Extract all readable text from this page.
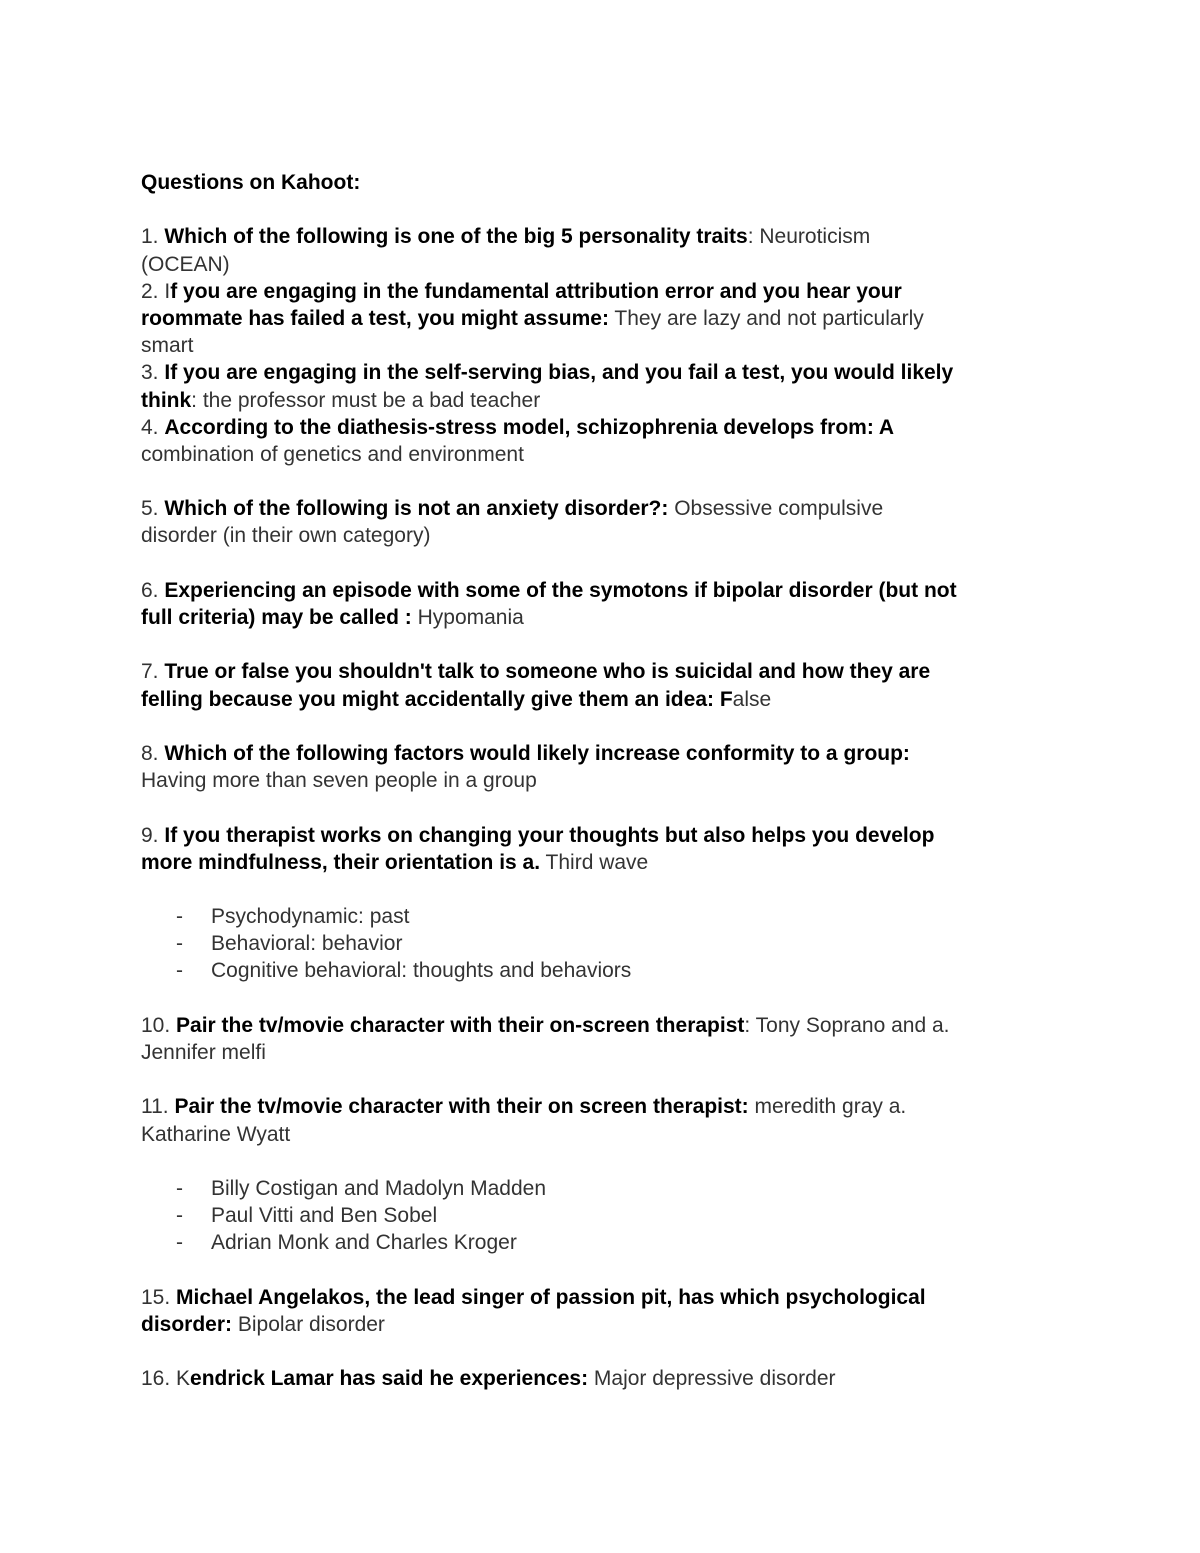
Questions on Kahoot:
1. Which of the following is one of the big 5 personality traits: Neuroticism
(OCEAN)
2. If you are engaging in the fundamental attribution error and you hear your
roommate has failed a test, you might assume: They are lazy and not particularly
smart
3. If you are engaging in the self-serving bias, and you fail a test, you would likely
think: the professor must be a bad teacher
4. According to the diathesis-stress model, schizophrenia develops from: A
combination of genetics and environment
5. Which of the following is not an anxiety disorder?: Obsessive compulsive
disorder (in their own category)
6. Experiencing an episode with some of the symotons if bipolar disorder (but not
full criteria) may be called : Hypomania
7. True or false you shouldn't talk to someone who is suicidal and how they are
felling because you might accidentally give them an idea: False
8. Which of the following factors would likely increase conformity to a group:
Having more than seven people in a group
9. If you therapist works on changing your thoughts but also helps you develop
more mindfulness, their orientation is a. Third wave
- Psychodynamic: past
- Behavioral: behavior
- Cognitive behavioral: thoughts and behaviors
10. Pair the tv/movie character with their on-screen therapist: Tony Soprano and a.
Jennifer melfi
11. Pair the tv/movie character with their on screen therapist: meredith gray a.
Katharine Wyatt
- Billy Costigan and Madolyn Madden
- Paul Vitti and Ben Sobel
- Adrian Monk and Charles Kroger
15. Michael Angelakos, the lead singer of passion pit, has which psychological
disorder: Bipolar disorder
16. Kendrick Lamar has said he experiences: Major depressive disorder
